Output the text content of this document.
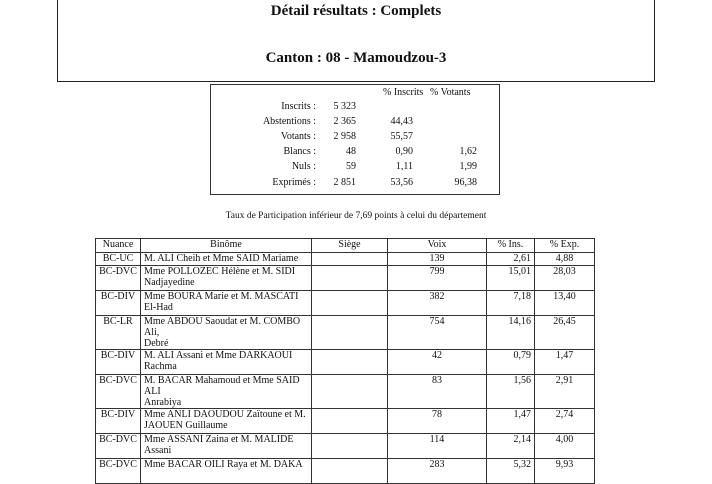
Détail résultats : Complets
Canton : 08 - Mamoudzou-3
% Inscrits % Votants
Inscrits : 5 323
Abstentions : 2 365	44,43
Votants : 2 958	55,57
Blancs :	48	0,90	1,62
Nuls :	59	1,11	1,99
Exprimés : 2 851	53,56	96,38
Taux de Participation inférieur de 7,69 points à celui du département
Nuance	Binôme	Siège	Voix	% Ins.	% Exp.
BC-UC	M. ALI Cheih et Mme SAID Mariame		139	2,61	4,88
BC-DVC	Mme POLLOZEC Hélène et M. SIDI
Nadjayedine		799	15,01	28,03
BC-DIV	Mme BOURA Marie et M. MASCATI
El-Had		382	7,18	13,40
BC-LR	Mme ABDOU Saoudat et M. COMBO Ali,
Debré		754	14,16	26,45
BC-DIV	M. ALI Assani et Mme DARKAOUI
Rachma		42	0,79	1,47
BC-DVC	M. BACAR Mahamoud et Mme SAID ALI
Anrabiya		83	1,56	2,91
BC-DIV	Mme ANLI DAOUDOU Zaïtoune et M.
JAOUEN Guillaume		78	1,47	2,74
BC-DVC	Mme ASSANI Zaina et M. MALIDE
Assani		114	2,14	4,00
BC-DVC	Mme BACAR OILI Raya et M. DAKA		283	5,32	9,93
